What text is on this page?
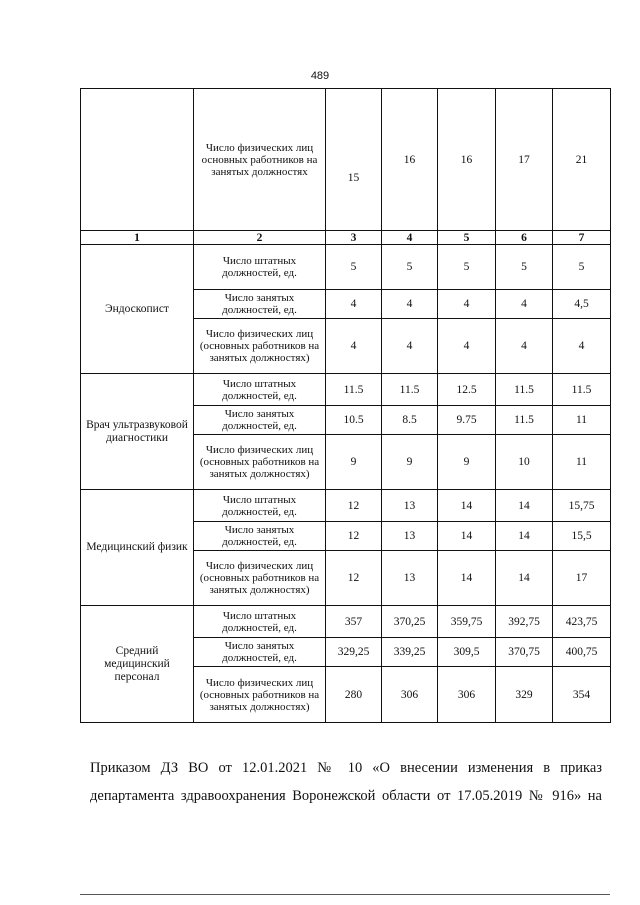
489
	Число физических лиц основных работников на занятых должностях	15	16	16	17	21
1	2	3	4	5	6	7
Эндоскопист	Число штатных должностей, ед.	5	5	5	5	5
	Число занятых должностей, ед.	4	4	4	4	4,5
	Число физических лиц (основных работников на занятых должностях)	4	4	4	4	4
Врач ультразвуковой диагностики	Число штатных должностей, ед.	11.5	11.5	12.5	11.5	11.5
	Число занятых должностей, ед.	10.5	8.5	9.75	11.5	11
	Число физических лиц (основных работников на занятых должностях)	9	9	9	10	11
Медицинский физик	Число штатных должностей, ед.	12	13	14	14	15,75
	Число занятых должностей, ед.	12	13	14	14	15,5
	Число физических лиц (основных работников на занятых должностях)	12	13	14	14	17
Средний медицинский персонал	Число штатных должностей, ед.	357	370,25	359,75	392,75	423,75
	Число занятых должностей, ед.	329,25	339,25	309,5	370,75	400,75
	Число физических лиц (основных работников на занятых должностях)	280	306	306	329	354
Приказом ДЗ ВО от 12.01.2021 № 10 «О внесении изменения в приказ
департамента здравоохранения Воронежской области от 17.05.2019 № 916» на
